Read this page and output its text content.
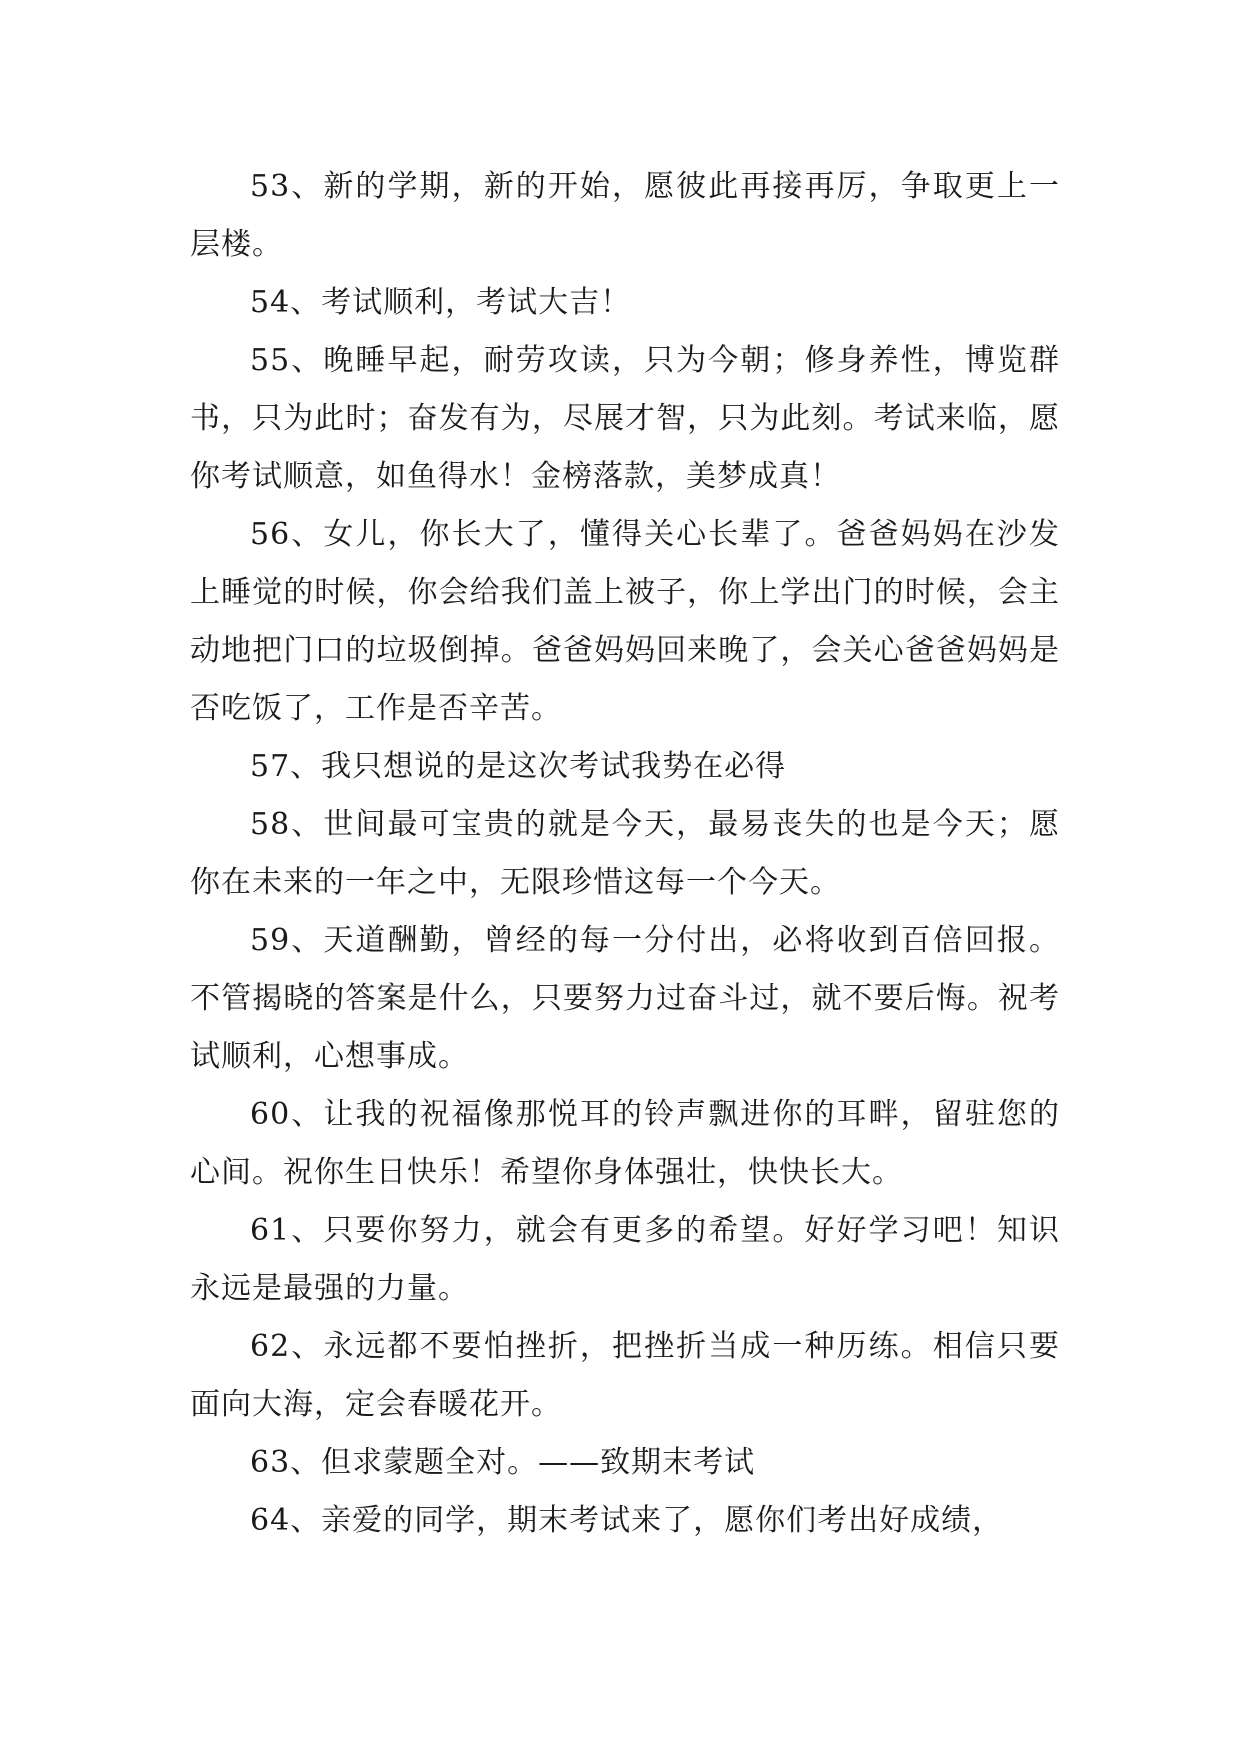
53、新的学期，新的开始，愿彼此再接再厉，争取更上一层楼。

54、考试顺利，考试大吉！

55、晚睡早起，耐劳攻读，只为今朝；修身养性，博览群书，只为此时；奋发有为，尽展才智，只为此刻。考试来临，愿你考试顺意，如鱼得水！金榜落款，美梦成真！

56、女儿，你长大了，懂得关心长辈了。爸爸妈妈在沙发上睡觉的时候，你会给我们盖上被子，你上学出门的时候，会主动地把门口的垃圾倒掉。爸爸妈妈回来晚了，会关心爸爸妈妈是否吃饭了，工作是否辛苦。

57、我只想说的是这次考试我势在必得

58、世间最可宝贵的就是今天，最易丧失的也是今天；愿你在未来的一年之中，无限珍惜这每一个今天。

59、天道酬勤，曾经的每一分付出，必将收到百倍回报。不管揭晓的答案是什么，只要努力过奋斗过，就不要后悔。祝考试顺利，心想事成。

60、让我的祝福像那悦耳的铃声飘进你的耳畔，留驻您的心间。祝你生日快乐！希望你身体强壮，快快长大。

61、只要你努力，就会有更多的希望。好好学习吧！知识永远是最强的力量。

62、永远都不要怕挫折，把挫折当成一种历练。相信只要面向大海，定会春暖花开。

63、但求蒙题全对。——致期末考试

64、亲爱的同学，期末考试来了，愿你们考出好成绩，
